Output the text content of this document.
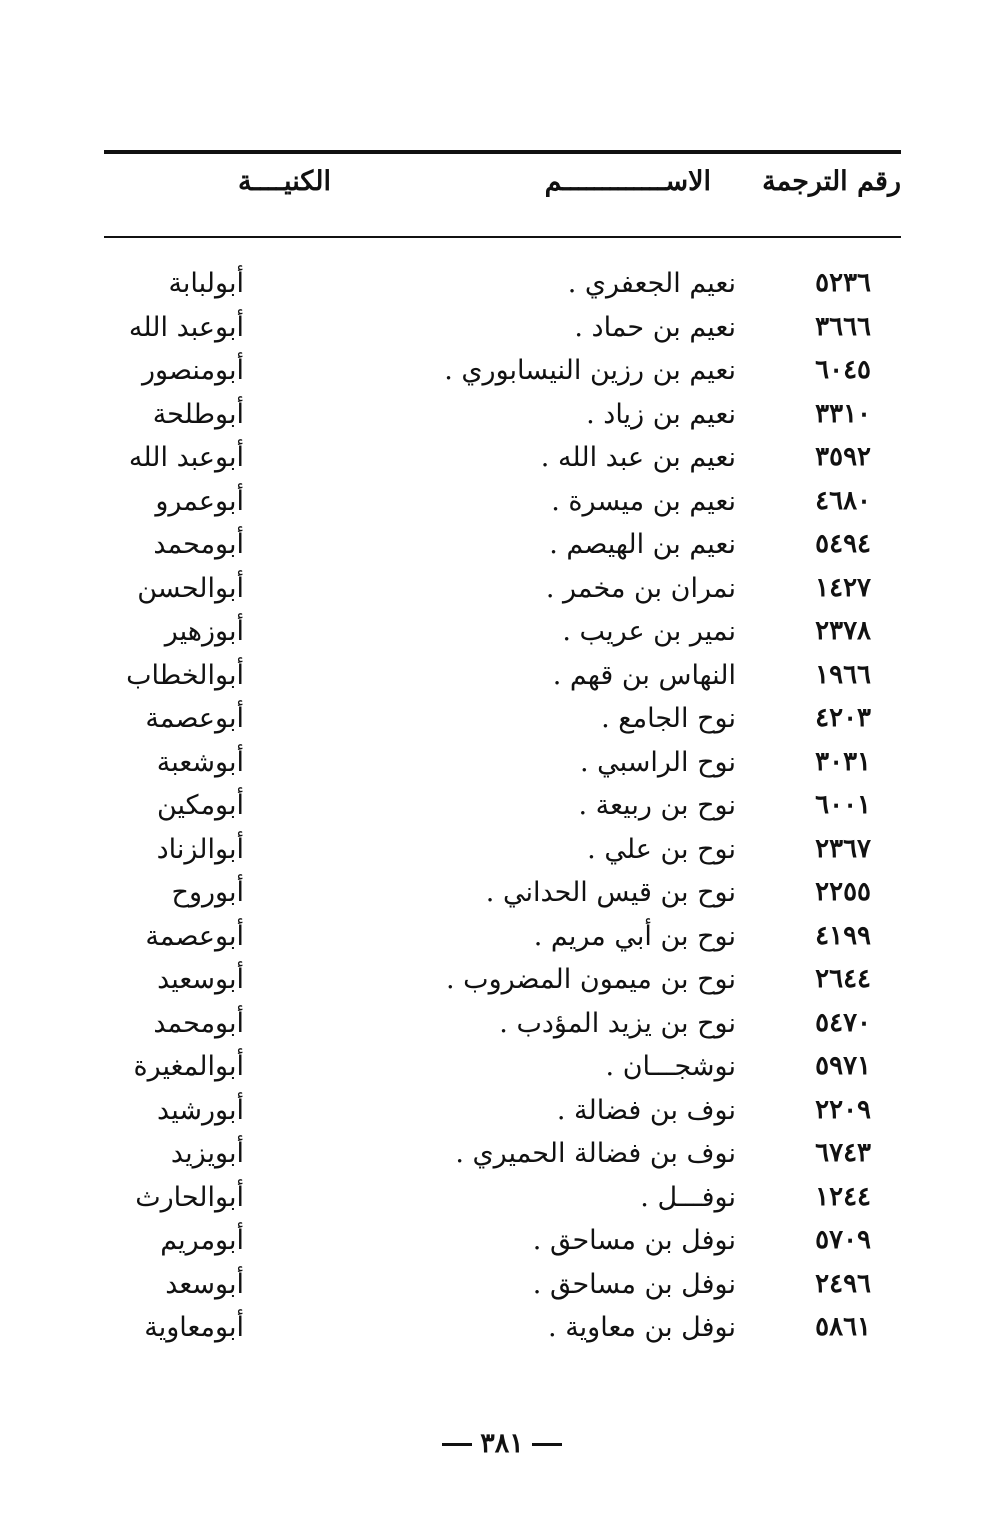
رقم الترجمة
الاســـــــــــــم
الكنيــــة
٥٢٣٦
نعيم الجعفري .
أبولبابة
٣٦٦٦
نعيم بن حماد .
أبوعبد الله
٦٠٤٥
نعيم بن رزين النيسابوري .
أبومنصور
٣٣١٠
نعيم بن زياد .
أبوطلحة
٣٥٩٢
نعيم بن عبد الله .
أبوعبد الله
٤٦٨٠
نعيم بن ميسرة .
أبوعمرو
٥٤٩٤
نعيم بن الهيصم .
أبومحمد
١٤٢٧
نمران بن مخمر .
أبوالحسن
٢٣٧٨
نمير بن عريب .
أبوزهير
١٩٦٦
النهاس بن قهم .
أبوالخطاب
٤٢٠٣
نوح الجامع .
أبوعصمة
٣٠٣١
نوح الراسبي .
أبوشعبة
٦٠٠١
نوح بن ربيعة .
أبومكين
٢٣٦٧
نوح بن علي .
أبوالزناد
٢٢٥٥
نوح بن قيس الحداني .
أبوروح
٤١٩٩
نوح بن أبي مريم .
أبوعصمة
٢٦٤٤
نوح بن ميمون المضروب .
أبوسعيد
٥٤٧٠
نوح بن يزيد المؤدب .
أبومحمد
٥٩٧١
نوشجـــان .
أبوالمغيرة
٢٢٠٩
نوف بن فضالة .
أبورشيد
٦٧٤٣
نوف بن فضالة الحميري .
أبويزيد
١٢٤٤
نوفـــل .
أبوالحارث
٥٧٠٩
نوفل بن مساحق .
أبومريم
٢٤٩٦
نوفل بن مساحق .
أبوسعد
٥٨٦١
نوفل بن معاوية .
أبومعاوية
٣٨١
